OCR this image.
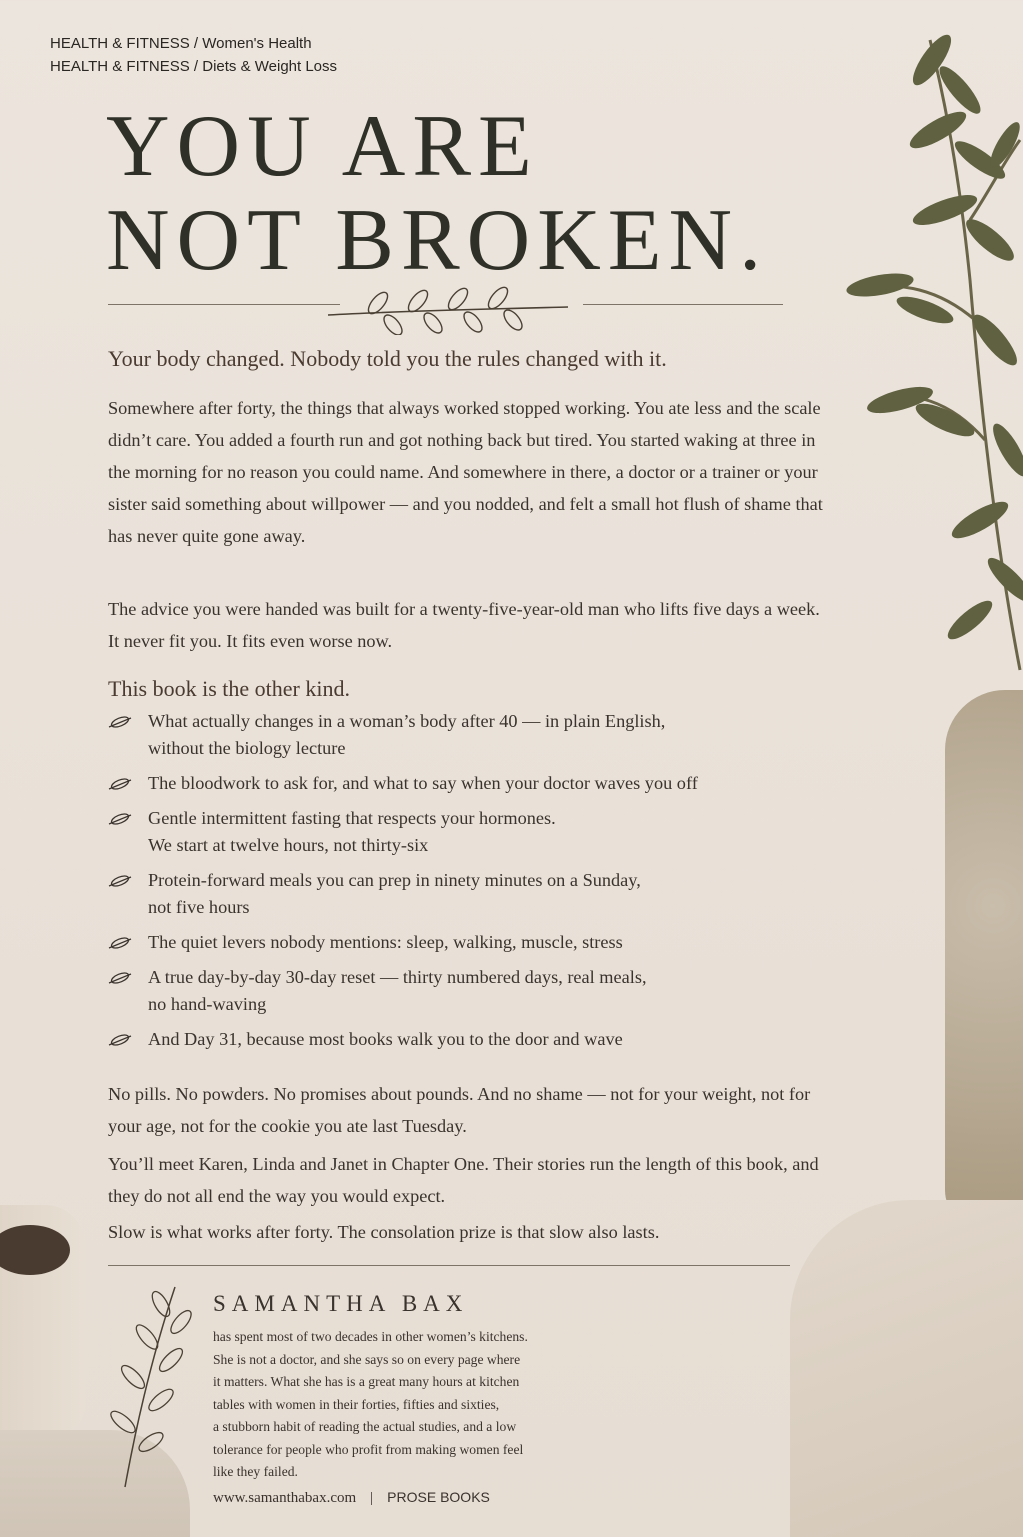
HEALTH & FITNESS / Women's Health
HEALTH & FITNESS / Diets & Weight Loss
YOU ARE
NOT BROKEN.
Your body changed. Nobody told you the rules changed with it.

Somewhere after forty, the things that always worked stopped working. You ate less and the scale didn’t care. You added a fourth run and got nothing back but tired. You started waking at three in the morning for no reason you could name. And somewhere in there, a doctor or a trainer or your sister said something about willpower — and you nodded, and felt a small hot flush of shame that has never quite gone away.

The advice you were handed was built for a twenty-five-year-old man who lifts five days a week. It never fit you. It fits even worse now.

This book is the other kind.
What actually changes in a woman’s body after 40 — in plain English,
without the biology lecture
The bloodwork to ask for, and what to say when your doctor waves you off
Gentle intermittent fasting that respects your hormones.
We start at twelve hours, not thirty-six
Protein-forward meals you can prep in ninety minutes on a Sunday,
not five hours
The quiet levers nobody mentions: sleep, walking, muscle, stress
A true day-by-day 30-day reset — thirty numbered days, real meals,
no hand-waving
And Day 31, because most books walk you to the door and wave

No pills. No powders. No promises about pounds. And no shame — not for your weight, not for your age, not for the cookie you ate last Tuesday.

You’ll meet Karen, Linda and Janet in Chapter One. Their stories run the length of this book, and they do not all end the way you would expect.

Slow is what works after forty. The consolation prize is that slow also lasts.

SAMANTHA BAX

has spent most of two decades in other women’s kitchens.
She is not a doctor, and she says so on every page where
it matters. What she has is a great many hours at kitchen
tables with women in their forties, fifties and sixties,
a stubborn habit of reading the actual studies, and a low
tolerance for people who profit from making women feel
like they failed.

www.samanthabax.com | PROSE BOOKS
